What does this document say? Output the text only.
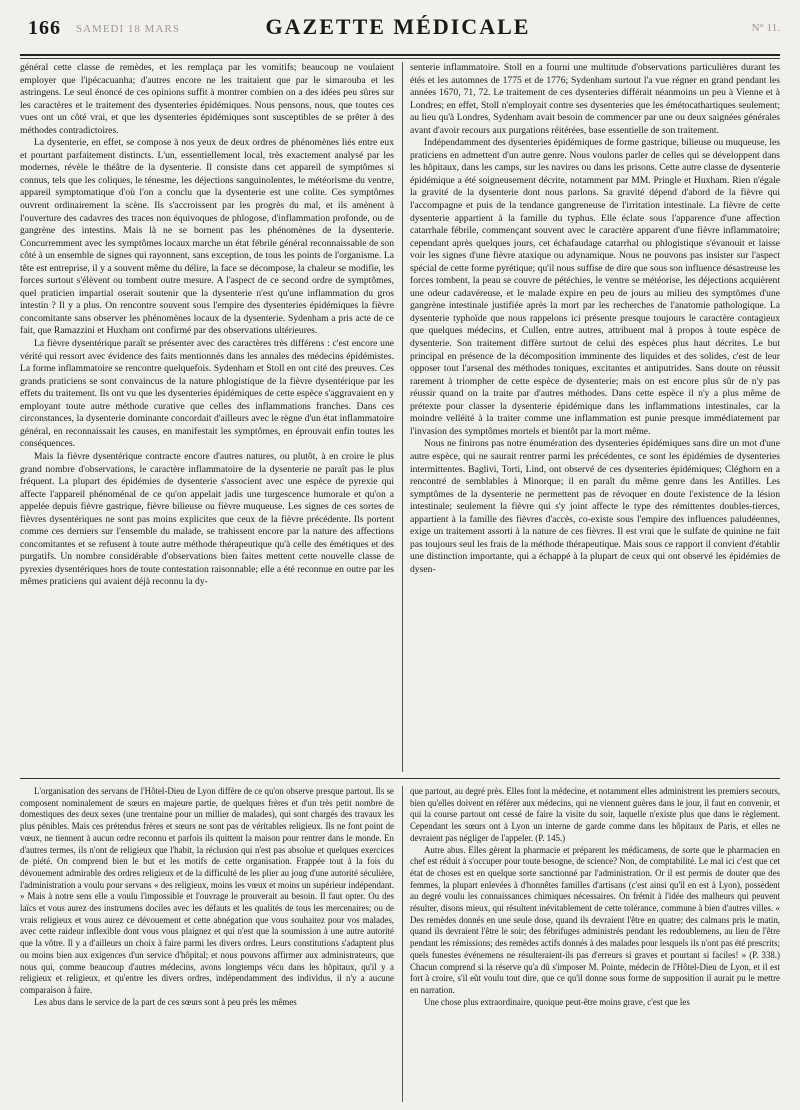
166 SAMEDI 18 MARS	GAZETTE MÉDICALE	N° 11.

général cette classe de remèdes, et les remplaça par les vomitifs; beaucoup ne voulaient employer que l'ipécacuanha; d'autres encore ne les traitaient que par le simarouba et les astringens. Le seul énoncé de ces opinions suffit à montrer combien on a des idées peu sûres sur les caractères et le traitement des dysenteries épidémiques. Nous pensons, nous, que toutes ces vues ont un côté vrai, et que les dysenteries épidémiques sont susceptibles de se prêter à des méthodes contradictoires.

La dysenterie, en effet, se compose à nos yeux de deux ordres de phénomènes liés entre eux et pourtant parfaitement distincts. L'un, essentiellement local, très exactement analysé par les modernes, révèle le théâtre de la dysenterie. Il consiste dans cet appareil de symptômes si connus, tels que les coliques, le ténesme, les déjections sanguinolentes, le météorisme du ventre, appareil symptomatique d'où l'on a conclu que la dysenterie est une colite. Ces symptômes ouvrent ordinairement la scène. Ils s'accroissent par les progrès du mal, et ils amènent à l'ouverture des cadavres des traces non équivoques de phlogose, d'inflammation profonde, ou de gangrène des intestins. Mais là ne se bornent pas les phénomènes de la dysenterie. Concurremment avec les symptômes locaux marche un état fébrile général reconnaissable de son côté à un ensemble de signes qui rayonnent, sans exception, de tous les points de l'organisme. La tête est entreprise, il y a souvent même du délire, la face se décompose, la chaleur se modifie, les forces surtout s'élèvent ou tombent outre mesure. A l'aspect de ce second ordre de symptômes, quel praticien impartial oserait soutenir que la dysenterie n'est qu'une inflammation du gros intestin ? Il y a plus. On rencontre souvent sous l'empire des dysenteries épidémiques la fièvre concomitante sans observer les phénomènes locaux de la dysenterie. Sydenham a pris acte de ce fait, que Ramazzini et Huxham ont confirmé par des observations ultérieures.

La fièvre dysentérique paraît se présenter avec des caractères très différens : c'est encore une vérité qui ressort avec évidence des faits mentionnés dans les annales des médecins épidémistes. La forme inflammatoire se rencontre quelquefois. Sydenham et Stoll en ont cité des preuves. Ces grands praticiens se sont convaincus de la nature phlogistique de la fièvre dysentérique par les effets du traitement. Ils ont vu que les dysenteries épidémiques de cette espèce s'aggravaient en y employant toute autre méthode curative que celles des inflammations franches. Dans ces circonstances, la dysenterie dominante concordait d'ailleurs avec le règne d'un état inflammatoire général, en reconnaissait les causes, en manifestait les symptômes, en éprouvait enfin toutes les conséquences.

Mais la fièvre dysentérique contracte encore d'autres natures, ou plutôt, à en croire le plus grand nombre d'observations, le caractère inflammatoire de la dysenterie ne paraît pas le plus fréquent. La plupart des épidémies de dysenterie s'associent avec une espèce de pyrexie qui affecte l'appareil phénoménal de ce qu'on appelait jadis une turgescence humorale et qu'on a appelée depuis fièvre gastrique, fièvre bilieuse ou fièvre muqueuse. Les signes de ces sortes de fièvres dysentériques ne sont pas moins explicites que ceux de la fièvre précédente. Ils portent comme ces derniers sur l'ensemble du malade, se trahissent encore par la nature des affections concomitantes et se refusent à toute autre méthode thérapeutique qu'à celle des émétiques et des purgatifs. Un nombre considérable d'observations bien faites mettent cette nouvelle classe de pyrexies dysentériques hors de toute contestation raisonnable; elle a été reconnue en outre par les mêmes praticiens qui avaient déjà reconnu la dy-

senterie inflammatoire. Stoll en a fourni une multitude d'observations particulières durant les étés et les automnes de 1775 et de 1776; Sydenham surtout l'a vue régner en grand pendant les années 1670, 71, 72. Le traitement de ces dysenteries différait néanmoins un peu à Vienne et à Londres; en effet, Stoll n'employait contre ses dysenteries que les émétocathartiques seulement; au lieu qu'à Londres, Sydenham avait besoin de commencer par une ou deux saignées générales avant d'avoir recours aux purgations réitérées, base essentielle de son traitement.

Indépendamment des dysenteries épidémiques de forme gastrique, bilieuse ou muqueuse, les praticiens en admettent d'un autre genre. Nous voulons parler de celles qui se développent dans les hôpitaux, dans les camps, sur les navires ou dans les prisons. Cette autre classe de dysenterie épidémique a été soigneusement décrite, notamment par MM. Pringle et Huxham. Rien n'égale la gravité de la dysenterie dont nous parlons. Sa gravité dépend d'abord de la fièvre qui l'accompagne et puis de la tendance gangreneuse de l'irritation intestinale. La fièvre de cette dysenterie appartient à la famille du typhus. Elle éclate sous l'apparence d'une affection catarrhale fébrile, commençant souvent avec le caractère apparent d'une fièvre inflammatoire; cependant après quelques jours, cet échafaudage catarrhal ou phlogistique s'évanouit et laisse voir les signes d'une fièvre ataxique ou adynamique. Nous ne pouvons pas insister sur l'aspect spécial de cette forme pyrétique; qu'il nous suffise de dire que sous son influence désastreuse les forces tombent, la peau se couvre de pétéchies, le ventre se météorise, les déjections acquièrent une odeur cadavéreuse, et le malade expire en peu de jours au milieu des symptômes d'une gangrène intestinale justifiée après la mort par les recherches de l'anatomie pathologique. La dysenterie typhoïde que nous rappelons ici présente presque toujours le caractère contagieux que quelques médecins, et Cullen, entre autres, attribuent mal à propos à toute espèce de dysenterie. Son traitement diffère surtout de celui des espèces plus haut décrites. Le but principal en présence de la décomposition imminente des liquides et des solides, c'est de leur opposer tout l'arsenal des méthodes toniques, excitantes et antiputrides. Sans doute on réussit rarement à triompher de cette espèce de dysenterie; mais on est encore plus sûr de n'y pas réussir quand on la traite par d'autres méthodes. Dans cette espèce il n'y a plus même de prétexte pour classer la dysenterie épidémique dans les inflammations intestinales, car la moindre velléité à la traiter comme une inflammation est punie presque immédiatement par l'invasion des symptômes mortels et bientôt par la mort même.

Nous ne finirons pas notre énumération des dysenteries épidémiques sans dire un mot d'une autre espèce, qui ne saurait rentrer parmi les précédentes, ce sont les épidémies de dysenteries intermittentes. Baglivi, Torti, Lind, ont observé de ces dysenteries épidémiques; Cléghorn en a rencontré de semblables à Minorque; il en paraît du même genre dans les Antilles. Les symptômes de la dysenterie ne permettent pas de révoquer en doute l'existence de la lésion intestinale; seulement la fièvre qui s'y joint affecte le type des rémittentes doubles-tierces, appartient à la famille des fièvres d'accès, co-existe sous l'empire des influences paludéennes, exige un traitement assorti à la nature de ces fièvres. Il est vrai que le sulfate de quinine ne fait pas toujours seul les frais de la méthode thérapeutique. Mais sous ce rapport il convient d'établir une distinction importante, qui a échappé à la plupart de ceux qui ont observé les épidémies de dysen-

L'organisation des servans de l'Hôtel-Dieu de Lyon diffère de ce qu'on observe presque partout. Ils se composent nominalement de sœurs en majeure partie, de quelques frères et d'un très petit nombre de domestiques des deux sexes (une trentaine pour un millier de malades), qui sont chargés des travaux les plus pénibles. Mais ces prétendus frères et sœurs ne sont pas de véritables religieux. Ils ne font point de vœux, ne tiennent à aucun ordre reconnu et parfois ils quittent la maison pour rentrer dans le monde. En d'autres termes, ils n'ont de religieux que l'habit, la réclusion qui n'est pas absolue et quelques exercices de piété. On comprend bien le but et les motifs de cette organisation. Frappée tout à la fois du dévouement admirable des ordres religieux et de la difficulté de les plier au joug d'une autorité séculière, l'administration a voulu pour servans « des religieux, moins les vœux et moins un supérieur indépendant. » Mais à notre sens elle a voulu l'impossible et l'ouvrage le prouverait au besoin. Il faut opter. Ou des laïcs et vous aurez des instrumens dociles avec les défauts et les qualités de tous les mercenaires; ou de vrais religieux et vous aurez ce dévouement et cette abnégation que vous souhaitez pour vos malades, avec cette raideur inflexible dont vous vous plaignez et qui n'est que la soumission à une autre autorité que la vôtre. Il y a d'ailleurs un choix à faire parmi les divers ordres. Leurs constitutions s'adaptent plus ou moins bien aux exigences d'un service d'hôpital; et nous pouvons affirmer aux administrateurs, que nous qui, comme beaucoup d'autres médecins, avons longtemps vécu dans les hôpitaux, qu'il y a religieux et religieux, et qu'entre les divers ordres, indépendamment des individus, il n'y a aucune comparaison à faire.

Les abus dans le service de la part de ces sœurs sont à peu près les mêmes

que partout, au degré près. Elles font la médecine, et notamment elles administrent les premiers secours, bien qu'elles doivent en référer aux médecins, qui ne viennent guères dans le jour, il faut en convenir, et qui la course partout ont cessé de faire la visite du soir, laquelle n'existe plus que dans le règlement. Cependant les sœurs ont à Lyon un interne de garde comme dans les hôpitaux de Paris, et elles ne devraient pas négliger de l'appeler. (P. 145.)

Autre abus. Elles gèrent la pharmacie et préparent les médicamens, de sorte que le pharmacien en chef est réduit à s'occuper pour toute besogne, de science? Non, de comptabilité. Le mal ici c'est que cet état de choses est en quelque sorte sanctionné par l'administration. Or il est permis de douter que des femmes, la plupart enlevées à d'honnêtes familles d'artisans (c'est ainsi qu'il en est à Lyon), possèdent au degré voulu les connaissances chimiques nécessaires. On frémit à l'idée des malheurs qui peuvent résulter, disons mieux, qui résultent inévitablement de cette tolérance, commune à bien d'autres villes. « Des remèdes donnés en une seule dose, quand ils devraient l'être en quatre; des calmans pris le matin, quand ils devraient l'être le soir; des fébrifuges administrés pendant les redoublemens, au lieu de l'être pendant les rémissions; des remèdes actifs donnés à des malades pour lesquels ils n'ont pas été prescrits; quels funestes événemens ne résulteraient-ils pas d'erreurs si graves et pourtant si faciles! » (P. 338.) Chacun comprend si la réserve qu'a dû s'imposer M. Pointe, médecin de l'Hôtel-Dieu de Lyon, et il est fort à croire, s'il eût voulu tout dire, que ce qu'il donne sous forme de supposition il aurait pu le mettre en narration.

Une chose plus extraordinaire, quoique peut-être moins grave, c'est que les
